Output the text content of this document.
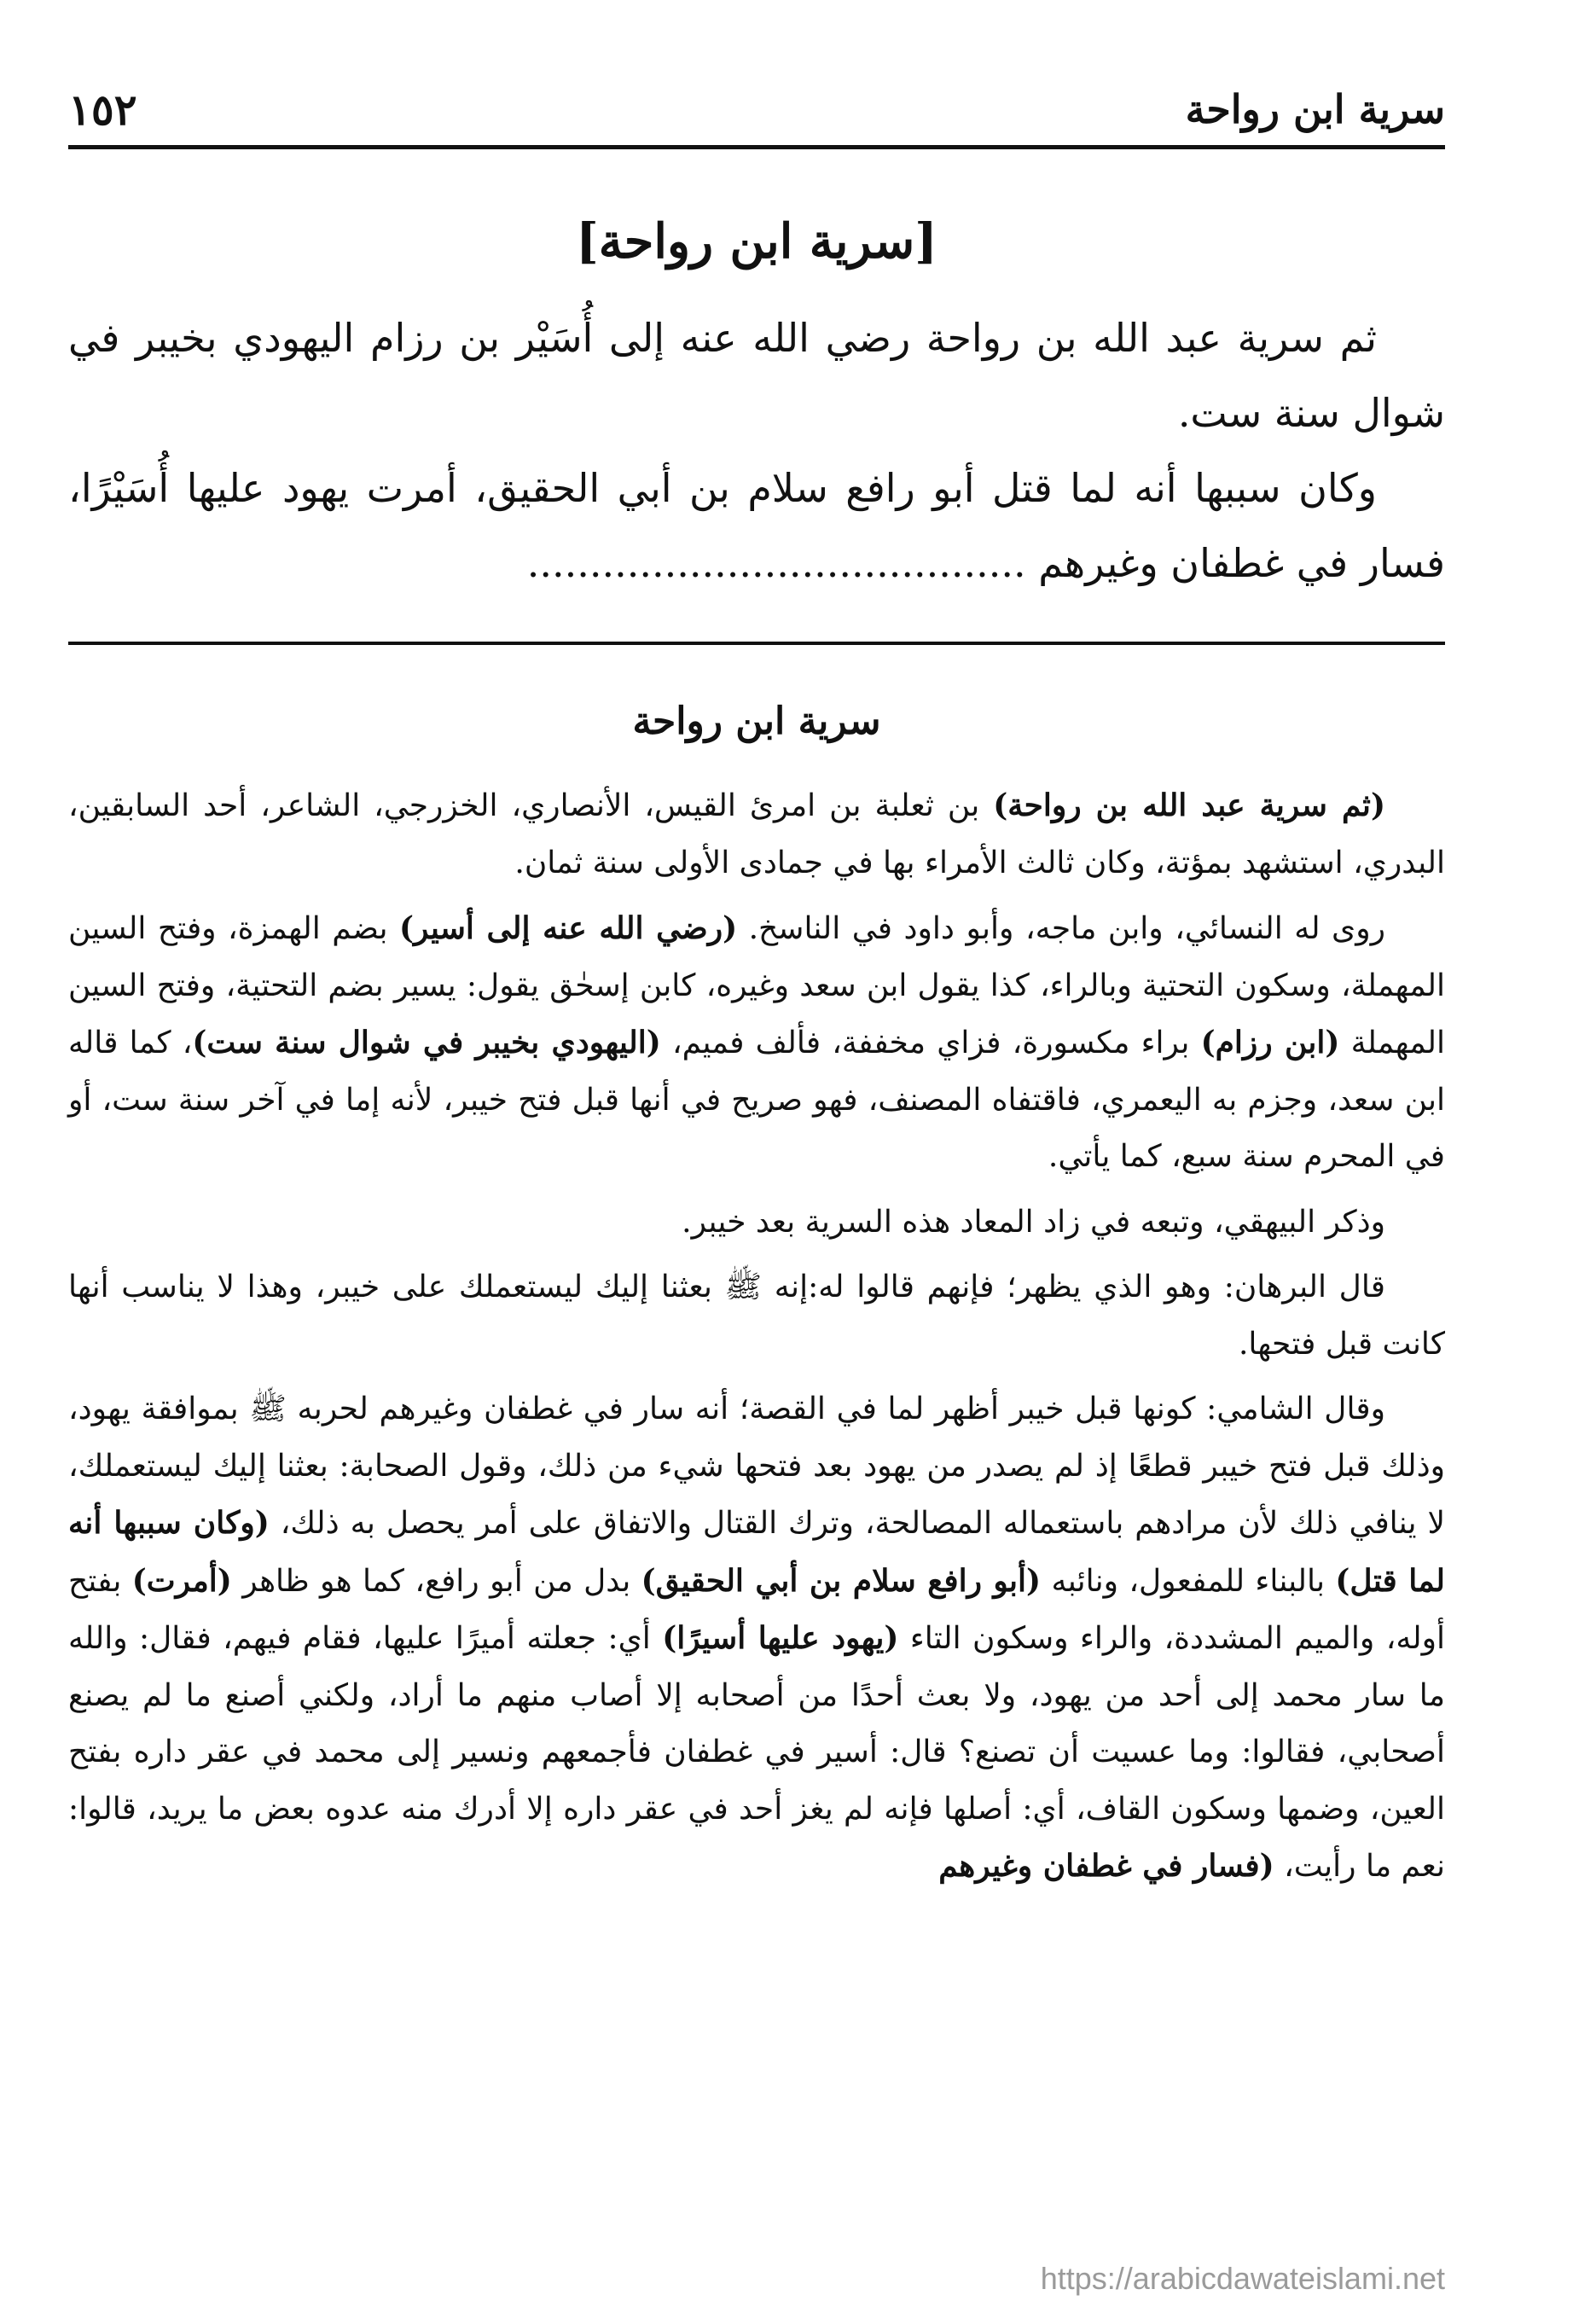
١٥٢	سرية ابن رواحة
[سرية ابن رواحة]

ثم سرية عبد الله بن رواحة رضي الله عنه إلى أُسَيْر بن رزام اليهودي بخيبر في شوال سنة ست.

وكان سببها أنه لما قتل أبو رافع سلام بن أبي الحقيق، أمرت يهود عليها أُسَيْرًا، فسار في غطفان وغيرهم ........................................

سرية ابن رواحة

(ثم سرية عبد الله بن رواحة) بن ثعلبة بن امرئ القيس، الأنصاري، الخزرجي، الشاعر، أحد السابقين، البدري، استشهد بمؤتة، وكان ثالث الأمراء بها في جمادى الأولى سنة ثمان.

روى له النسائي، وابن ماجه، وأبو داود في الناسخ. (رضي الله عنه إلى أسير) بضم الهمزة، وفتح السين المهملة، وسكون التحتية وبالراء، كذا يقول ابن سعد وغيره، كابن إسحٰق يقول: يسير بضم التحتية، وفتح السين المهملة (ابن رزام) براء مكسورة، فزاي مخففة، فألف فميم، (اليهودي بخيبر في شوال سنة ست)، كما قاله ابن سعد، وجزم به اليعمري، فاقتفاه المصنف، فهو صريح في أنها قبل فتح خيبر، لأنه إما في آخر سنة ست، أو في المحرم سنة سبع، كما يأتي.

وذكر البيهقي، وتبعه في زاد المعاد هذه السرية بعد خيبر.

قال البرهان: وهو الذي يظهر؛ فإنهم قالوا له:إنه ﷺ بعثنا إليك ليستعملك على خيبر، وهذا لا يناسب أنها كانت قبل فتحها.

وقال الشامي: كونها قبل خيبر أظهر لما في القصة؛ أنه سار في غطفان وغيرهم لحربه ﷺ بموافقة يهود، وذلك قبل فتح خيبر قطعًا إذ لم يصدر من يهود بعد فتحها شيء من ذلك، وقول الصحابة: بعثنا إليك ليستعملك، لا ينافي ذلك لأن مرادهم باستعماله المصالحة، وترك القتال والاتفاق على أمر يحصل به ذلك، (وكان سببها أنه لما قتل) بالبناء للمفعول، ونائبه (أبو رافع سلام بن أبي الحقيق) بدل من أبو رافع، كما هو ظاهر (أمرت) بفتح أوله، والميم المشددة، والراء وسكون التاء (يهود عليها أسيرًا) أي: جعلته أميرًا عليها، فقام فيهم، فقال: والله ما سار محمد إلى أحد من يهود، ولا بعث أحدًا من أصحابه إلا أصاب منهم ما أراد، ولكني أصنع ما لم يصنع أصحابي، فقالوا: وما عسيت أن تصنع؟ قال: أسير في غطفان فأجمعهم ونسير إلى محمد في عقر داره بفتح العين، وضمها وسكون القاف، أي: أصلها فإنه لم يغز أحد في عقر داره إلا أدرك منه عدوه بعض ما يريد، قالوا: نعم ما رأيت، (فسار في غطفان وغيرهم

https://arabicdawateislami.net
